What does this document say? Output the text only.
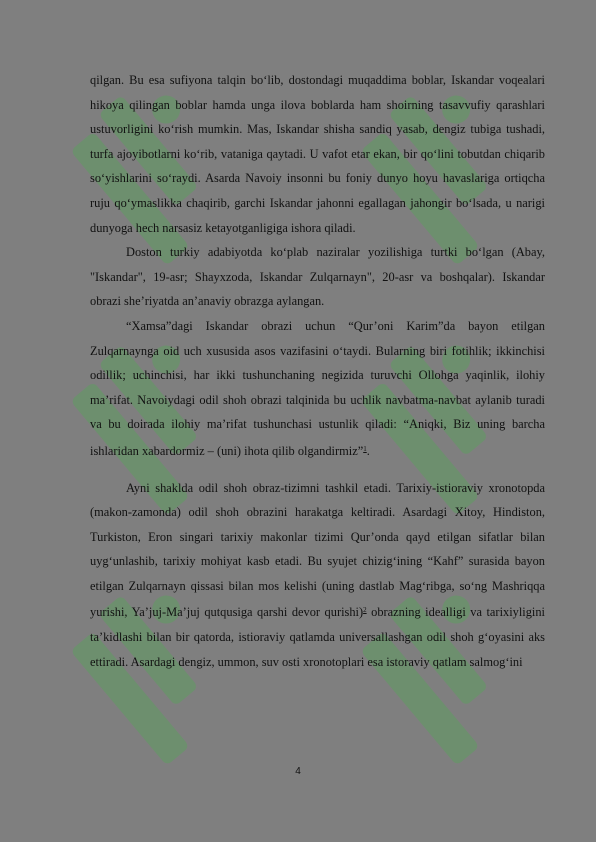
qilgan. Bu esa sufiyona talqin boʻlib, dostondagi muqaddima boblar, Iskandar voqealari hikoya qilingan boblar hamda unga ilova boblarda ham shoirning tasavvufiy qarashlari ustuvorligini koʻrish mumkin. Mas, Iskandar shisha sandiq yasab, dengiz tubiga tushadi, turfa ajoyibotlarni koʻrib, vataniga qaytadi. U vafot etar ekan, bir qoʻlini tobutdan chiqarib soʻyishlarini soʻraydi. Asarda Navoiy insonni bu foniy dunyo hoyu havaslariga ortiqcha ruju qoʻymaslikka chaqirib, garchi Iskandar jahonni egallagan jahongir boʻlsada, u narigi dunyoga hech narsasiz ketayotganligiga ishora qiladi.

Doston turkiy adabiyotda koʻplab naziralar yozilishiga turtki boʻlgan (Abay, "Iskandar", 19-asr; Shayxzoda, Iskandar Zulqarnayn", 20-asr va boshqalar). Iskandar obrazi she’riyatda an’anaviy obrazga aylangan.

“Xamsa”dagi Iskandar obrazi uchun “Qur’oni Karim”da bayon etilgan Zulqarnaynga oid uch xususida asos vazifasini oʻtaydi. Bularning biri fotihlik; ikkinchisi odillik; uchinchisi, har ikki tushunchaning negizida turuvchi Ollohga yaqinlik, ilohiy ma’rifat. Navoiydagi odil shoh obrazi talqinida bu uchlik navbatma-navbat aylanib turadi va bu doirada ilohiy ma’rifat tushunchasi ustunlik qiladi: “Aniqki, Biz uning barcha ishlaridan xabardormiz – (uni) ihota qilib olgandirmiz”$^1$.

Ayni shaklda odil shoh obraz-tizimni tashkil etadi. Tarixiy-istioraviy xronotopda (makon-zamonda) odil shoh obrazini harakatga keltiradi. Asardagi Xitoy, Hindiston, Turkiston, Eron singari tarixiy makonlar tizimi Qur’onda qayd etilgan sifatlar bilan uygʻunlashib, tarixiy mohiyat kasb etadi. Bu syujet chizigʻining “Kahf” surasida bayon etilgan Zulqarnayn qissasi bilan mos kelishi (uning dastlab Magʻribga, soʻng Mashriqqa yurishi, Yaʼjuj-Maʼjuj qutqusiga qarshi devor qurishi)$^2$ obrazning idealligi va tarixiyligini ta’kidlashi bilan bir qatorda, istioraviy qatlamda universallashgan odil shoh gʻoyasini aks ettiradi. Asardagi dengiz, ummon, suv osti xronotoplari esa istoraviy qatlam salmogʻini

4
